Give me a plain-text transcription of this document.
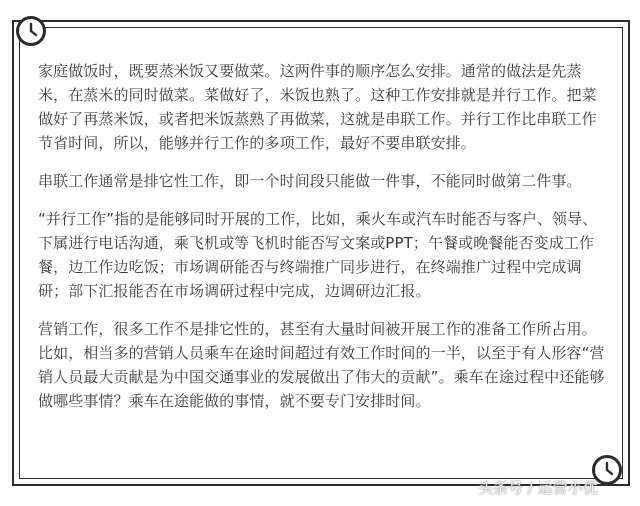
家庭做饭时，既要蒸米饭又要做菜。这两件事的顺序怎么安排。通常的做法是先蒸米，在蒸米的同时做菜。菜做好了，米饭也熟了。这种工作安排就是并行工作。把菜做好了再蒸米饭，或者把米饭蒸熟了再做菜，这就是串联工作。并行工作比串联工作节省时间，所以，能够并行工作的多项工作，最好不要串联安排。

串联工作通常是排它性工作，即一个时间段只能做一件事，不能同时做第二件事。

“并行工作”指的是能够同时开展的工作，比如，乘火车或汽车时能否与客户、领导、下属进行电话沟通，乘飞机或等飞机时能否写文案或PPT；午餐或晚餐能否变成工作餐，边工作边吃饭；市场调研能否与终端推广同步进行，在终端推广过程中完成调研；部下汇报能否在市场调研过程中完成，边调研边汇报。

营销工作，很多工作不是排它性的，甚至有大量时间被开展工作的准备工作所占用。比如，相当多的营销人员乘车在途时间超过有效工作时间的一半，以至于有人形容“营销人员最大贡献是为中国交通事业的发展做出了伟大的贡献”。乘车在途过程中还能够做哪些事情？乘车在途能做的事情，就不要专门安排时间。

头条号 / 运营小优
